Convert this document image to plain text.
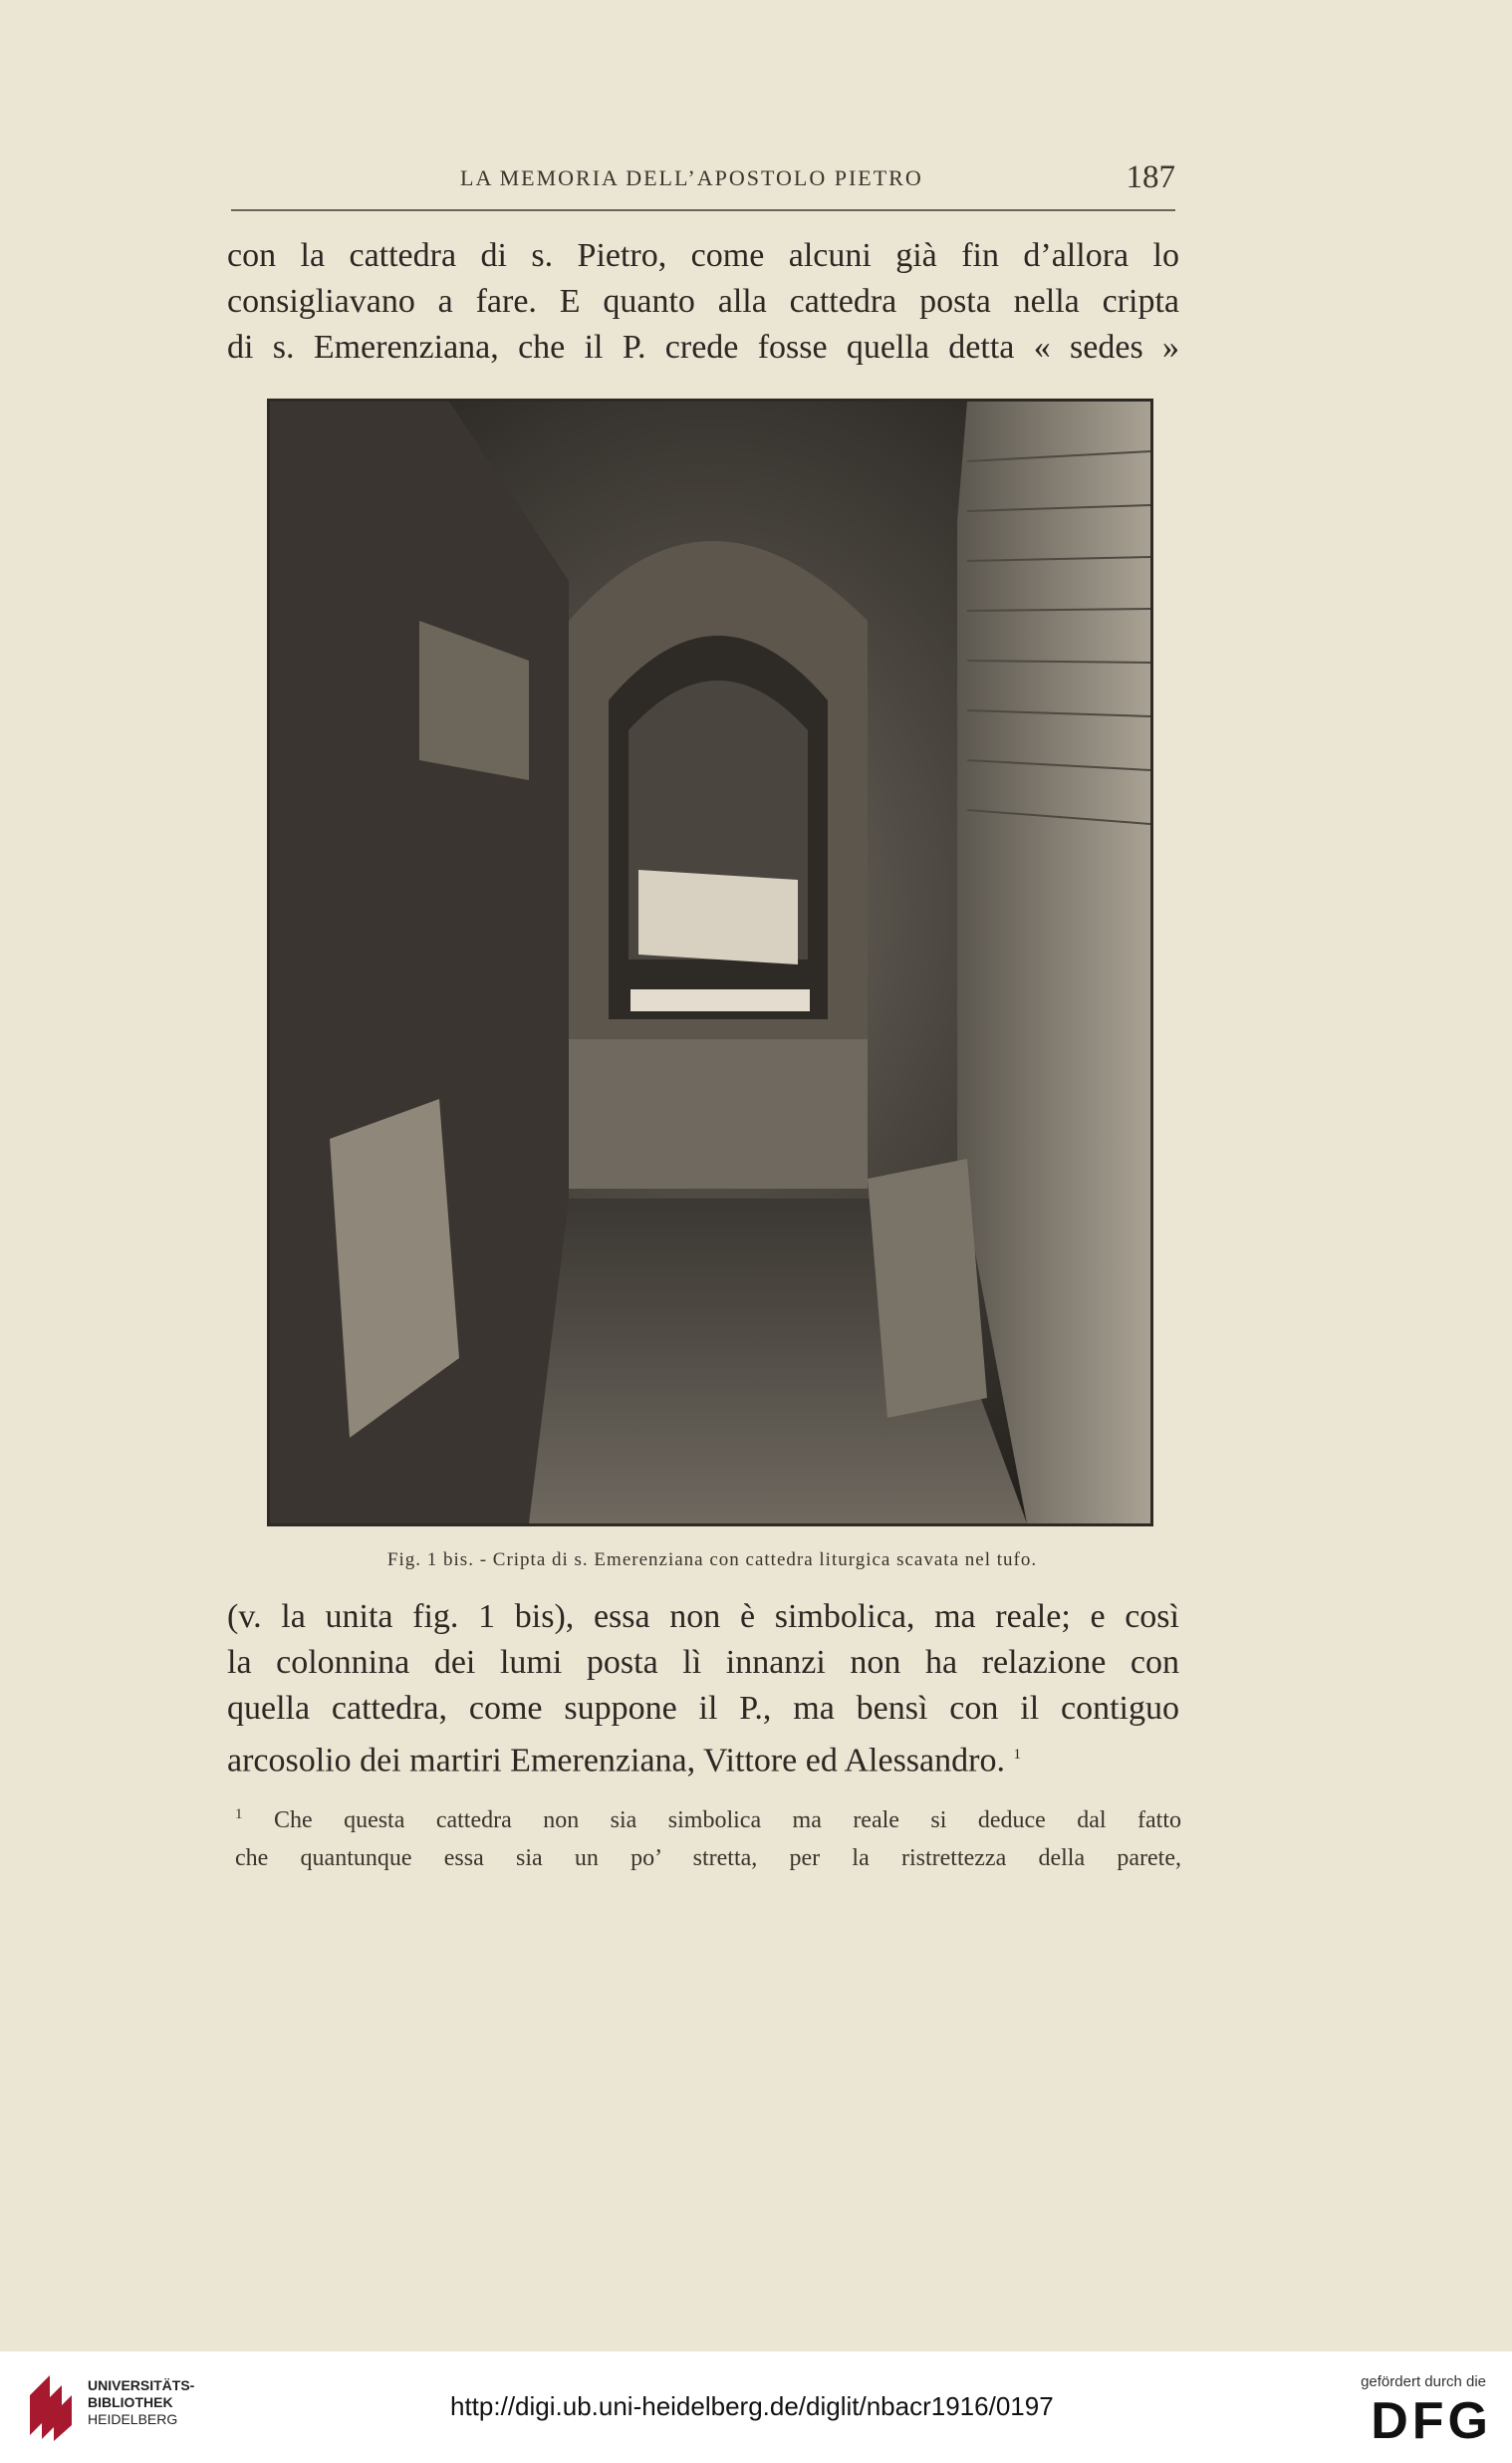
LA MEMORIA DELL’APOSTOLO PIETRO	187
con la cattedra di s. Pietro, come alcuni già fin d’allora lo
consigliavano a fare. E quanto alla cattedra posta nella cripta
di s. Emerenziana, che il P. crede fosse quella detta « sedes »
Fig. 1 bis. - Cripta di s. Emerenziana con cattedra liturgica scavata nel tufo.
(v. la unita fig. 1 bis), essa non è simbolica, ma reale; e così
la colonnina dei lumi posta lì innanzi non ha relazione con
quella cattedra, come suppone il P., ma bensì con il contiguo
arcosolio dei martiri Emerenziana, Vittore ed Alessandro. $^1$
$^1$ Che questa cattedra non sia simbolica ma reale si deduce dal fatto
che quantunque essa sia un po’ stretta, per la ristrettezza della parete,
UNIVERSITÄTS-
BIBLIOTHEK
HEIDELBERG	http://digi.ub.uni-heidelberg.de/diglit/nbacr1916/0197
gefördert durch die
DFG
